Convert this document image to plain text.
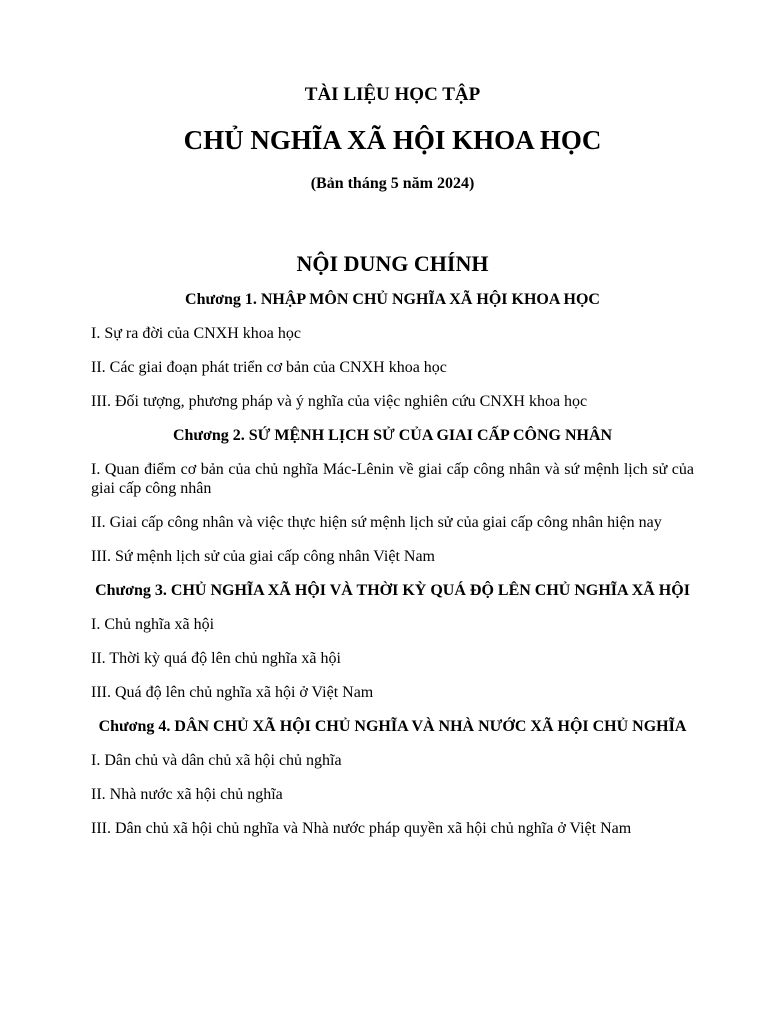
TÀI LIỆU HỌC TẬP
CHỦ NGHĨA XÃ HỘI KHOA HỌC
(Bản tháng 5 năm 2024)
NỘI DUNG CHÍNH
Chương 1. NHẬP MÔN CHỦ NGHĨA XÃ HỘI KHOA HỌC
I. Sự ra đời của CNXH khoa học
II. Các giai đoạn phát triển cơ bản của CNXH khoa học
III. Đối tượng, phương pháp và ý nghĩa của việc nghiên cứu CNXH khoa học
Chương 2. SỨ MỆNH LỊCH SỬ CỦA GIAI CẤP CÔNG NHÂN
I. Quan điểm cơ bản của chủ nghĩa Mác-Lênin về giai cấp công nhân và sứ mệnh lịch sử của giai cấp công nhân
II. Giai cấp công nhân và việc thực hiện sứ mệnh lịch sử của giai cấp công nhân hiện nay
III. Sứ mệnh lịch sử của giai cấp công nhân Việt Nam
Chương 3. CHỦ NGHĨA XÃ HỘI VÀ THỜI KỲ QUÁ ĐỘ LÊN CHỦ NGHĨA XÃ HỘI
I. Chủ nghĩa xã hội
II. Thời kỳ quá độ lên chủ nghĩa xã hội
III. Quá độ lên chủ nghĩa xã hội ở Việt Nam
Chương 4. DÂN CHỦ XÃ HỘI CHỦ NGHĨA VÀ NHÀ NƯỚC XÃ HỘI CHỦ NGHĨA
I. Dân chủ và dân chủ xã hội chủ nghĩa
II. Nhà nước xã hội chủ nghĩa
III. Dân chủ xã hội chủ nghĩa và Nhà nước pháp quyền xã hội chủ nghĩa ở Việt Nam
